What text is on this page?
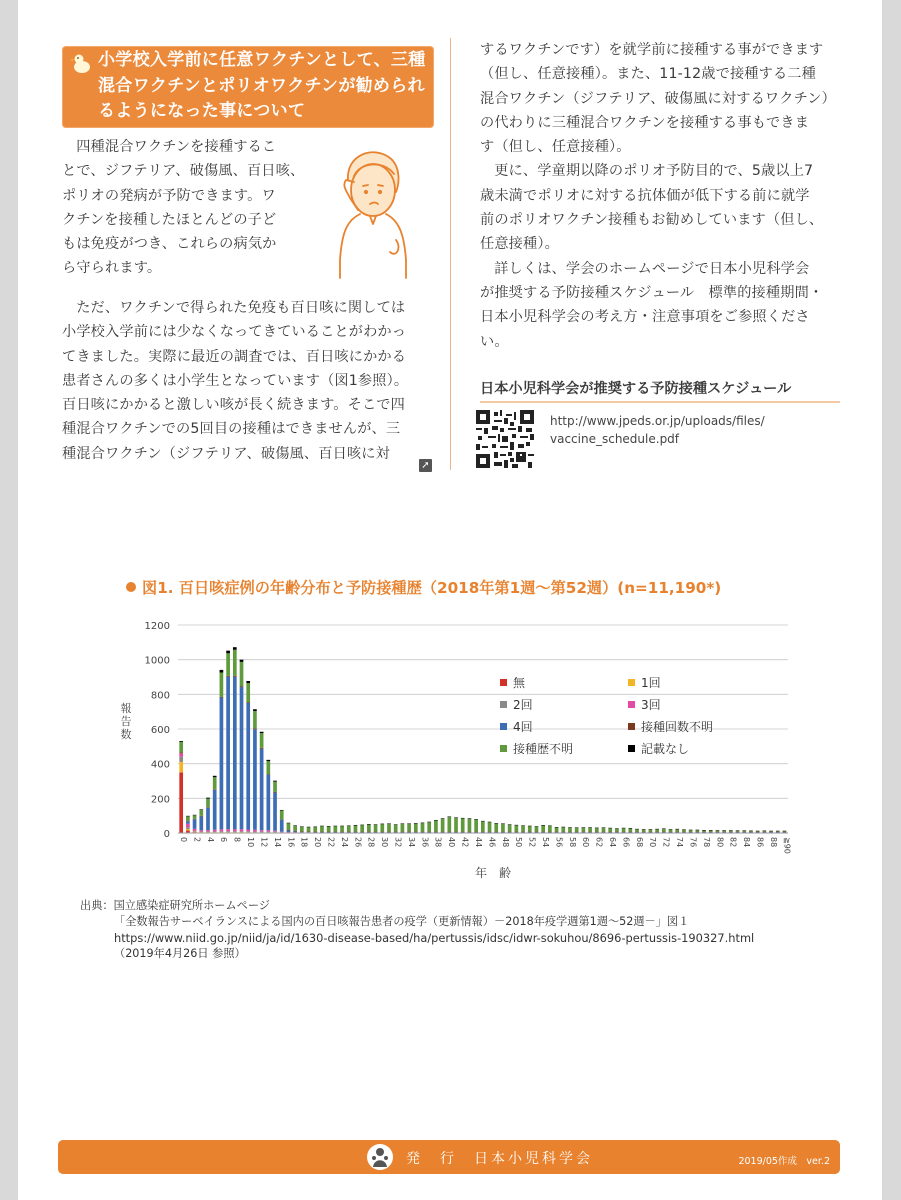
小学校入学前に任意ワクチンとして、三種混合ワクチンとポリオワクチンが勧められるようになった事について
四種混合ワクチンを接種するこ
とで、ジフテリア、破傷風、百日咳、
ポリオの発病が予防できます。ワ
クチンを接種したほとんどの子ど
もは免疫がつき、これらの病気か
ら守られます。
ただ、ワクチンで得られた免疫も百日咳に関しては
小学校入学前には少なくなってきていることがわかっ
てきました。実際に最近の調査では、百日咳にかかる
患者さんの多くは小学生となっています（図1参照）。
百日咳にかかると激しい咳が長く続きます。そこで四
種混合ワクチンでの5回目の接種はできませんが、三
種混合ワクチン（ジフテリア、破傷風、百日咳に対
➚
するワクチンです）を就学前に接種する事ができます
（但し、任意接種）。また、11-12歳で接種する二種
混合ワクチン（ジフテリア、破傷風に対するワクチン）
の代わりに三種混合ワクチンを接種する事もできま
す（但し、任意接種）。
更に、学童期以降のポリオ予防目的で、5歳以上7
歳未満でポリオに対する抗体価が低下する前に就学
前のポリオワクチン接種もお勧めしています（但し、
任意接種）。
詳しくは、学会のホームページで日本小児科学会
が推奨する予防接種スケジュール　標準的接種期間・
日本小児科学会の考え方・注意事項をご参照くださ
い。
日本小児科学会が推奨する予防接種スケジュール
http://www.jpeds.or.jp/uploads/files/
vaccine_schedule.pdf
図1. 百日咳症例の年齢分布と予防接種歴（2018年第1週〜第52週）(n=11,190*)
0
200
400
600
800
1000
1200
報
告
数
0 2 4 6 8 10 12 14 16 18 20 22 24 26 28 30 32 34 36 38 40 42 44 46 48 50 52 54 56 58 60 62 64 66 68 70 72 74 76 78 80 82 84 86 88 ≧90
年　齢
無	1回
2回	3回
4回	接種回数不明
接種歴不明	記載なし
出典：国立感染症研究所ホームページ
「全数報告サーベイランスによる国内の百日咳報告患者の疫学（更新情報）－2018年疫学週第1週〜52週－」図１
https://www.niid.go.jp/niid/ja/id/1630-disease-based/ha/pertussis/idsc/idwr-sokuhou/8696-pertussis-190327.html
（2019年4月26日 参照）
発　行　日本小児科学会	2019/05作成　ver.2
